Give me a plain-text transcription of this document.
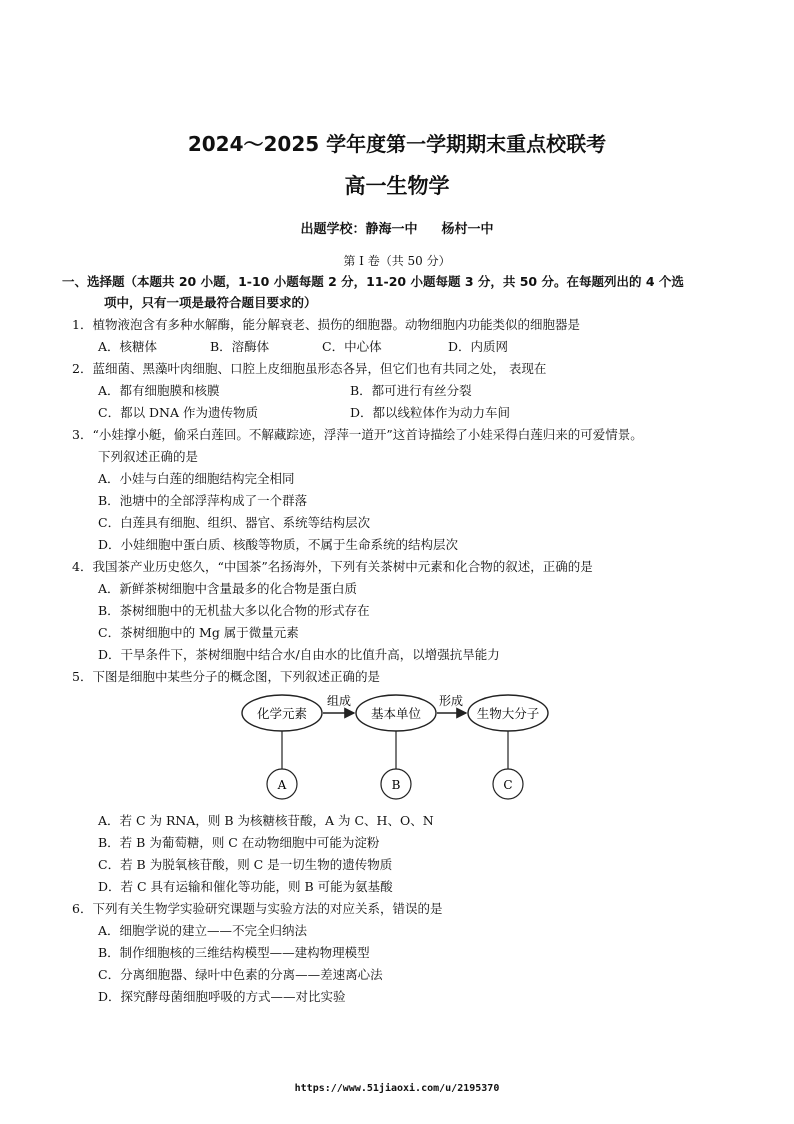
2024～2025 学年度第一学期期末重点校联考
高一生物学
出题学校：静海一中 杨村一中
第 Ⅰ 卷（共 50 分）
一、选择题（本题共 20 小题，1-10 小题每题 2 分，11-20 小题每题 3 分，共 50 分。在每题列出的 4 个选
项中，只有一项是最符合题目要求的）
1．植物液泡含有多种水解酶，能分解衰老、损伤的细胞器。动物细胞内功能类似的细胞器是
A．核糖体	B．溶酶体	C．中心体	D．内质网
2．蓝细菌、黑藻叶肉细胞、口腔上皮细胞虽形态各异，但它们也有共同之处， 表现在
A．都有细胞膜和核膜	B．都可进行有丝分裂
C．都以 DNA 作为遗传物质	D．都以线粒体作为动力车间
3．“小娃撑小艇，偷采白莲回。不解藏踪迹，浮萍一道开”这首诗描绘了小娃采得白莲归来的可爱情景。
下列叙述正确的是
A．小娃与白莲的细胞结构完全相同
B．池塘中的全部浮萍构成了一个群落
C．白莲具有细胞、组织、器官、系统等结构层次
D．小娃细胞中蛋白质、核酸等物质，不属于生命系统的结构层次
4．我国茶产业历史悠久，“中国茶”名扬海外，下列有关茶树中元素和化合物的叙述，正确的是
A．新鲜茶树细胞中含量最多的化合物是蛋白质
B．茶树细胞中的无机盐大多以化合物的形式存在
C．茶树细胞中的 Mg 属于微量元素
D．干旱条件下，茶树细胞中结合水/自由水的比值升高，以增强抗旱能力
5．下图是细胞中某些分子的概念图，下列叙述正确的是
化学元素	基本单位	生物大分子
组成	形成
A	B	C
A．若 C 为 RNA，则 B 为核糖核苷酸，A 为 C、H、O、N
B．若 B 为葡萄糖，则 C 在动物细胞中可能为淀粉
C．若 B 为脱氧核苷酸，则 C 是一切生物的遗传物质
D．若 C 具有运输和催化等功能，则 B 可能为氨基酸
6．下列有关生物学实验研究课题与实验方法的对应关系，错误的是
A．细胞学说的建立——不完全归纳法
B．制作细胞核的三维结构模型——建构物理模型
C．分离细胞器、绿叶中色素的分离——差速离心法
D．探究酵母菌细胞呼吸的方式——对比实验
https://www.51jiaoxi.com/u/2195370
